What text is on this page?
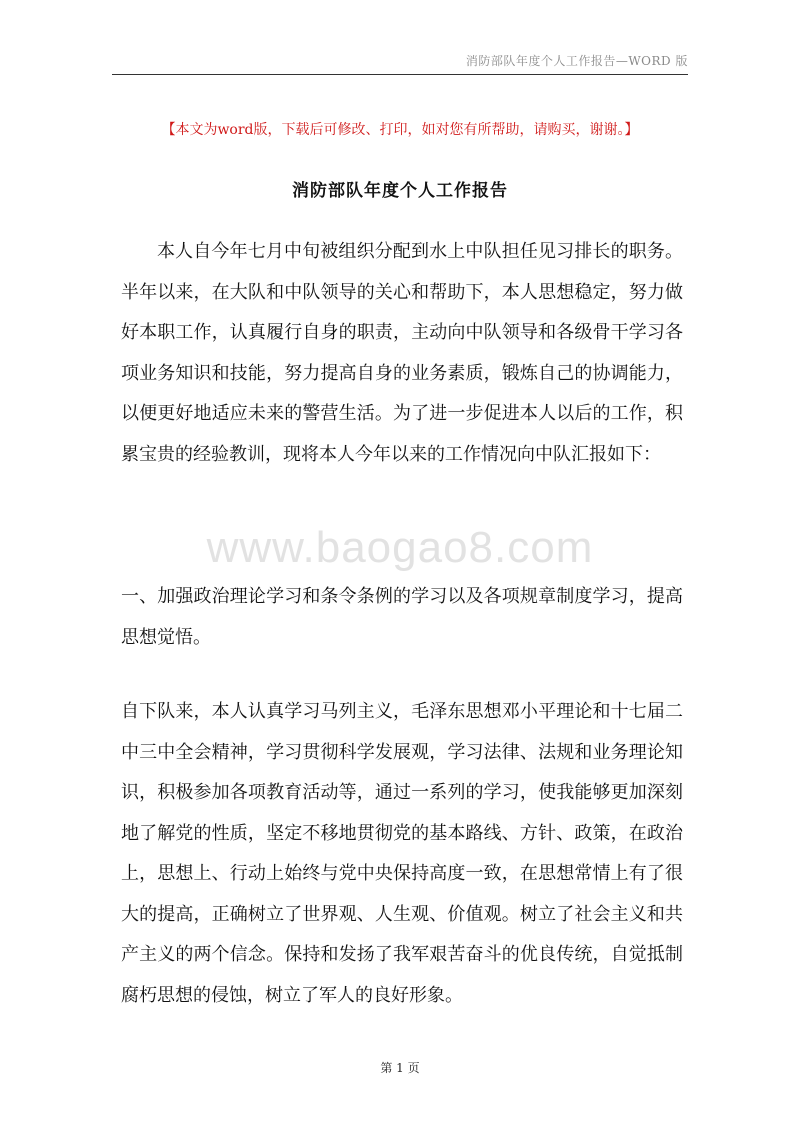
消防部队年度个人工作报告—WORD 版
【本文为word版，下载后可修改、打印，如对您有所帮助，请购买，谢谢。】
消防部队年度个人工作报告

本人自今年七月中旬被组织分配到水上中队担任见习排长的职务。半年以来，在大队和中队领导的关心和帮助下，本人思想稳定，努力做好本职工作，认真履行自身的职责，主动向中队领导和各级骨干学习各项业务知识和技能，努力提高自身的业务素质，锻炼自己的协调能力，以便更好地适应未来的警营生活。为了进一步促进本人以后的工作，积累宝贵的经验教训，现将本人今年以来的工作情况向中队汇报如下：

www.baogao8.com

一、加强政治理论学习和条令条例的学习以及各项规章制度学习，提高思想觉悟。

自下队来，本人认真学习马列主义，毛泽东思想邓小平理论和十七届二中三中全会精神，学习贯彻科学发展观，学习法律、法规和业务理论知识，积极参加各项教育活动等，通过一系列的学习，使我能够更加深刻地了解党的性质，坚定不移地贯彻党的基本路线、方针、政策，在政治上，思想上、行动上始终与党中央保持高度一致，在思想常情上有了很大的提高，正确树立了世界观、人生观、价值观。树立了社会主义和共产主义的两个信念。保持和发扬了我军艰苦奋斗的优良传统，自觉抵制腐朽思想的侵蚀，树立了军人的良好形象。

第 1 页
